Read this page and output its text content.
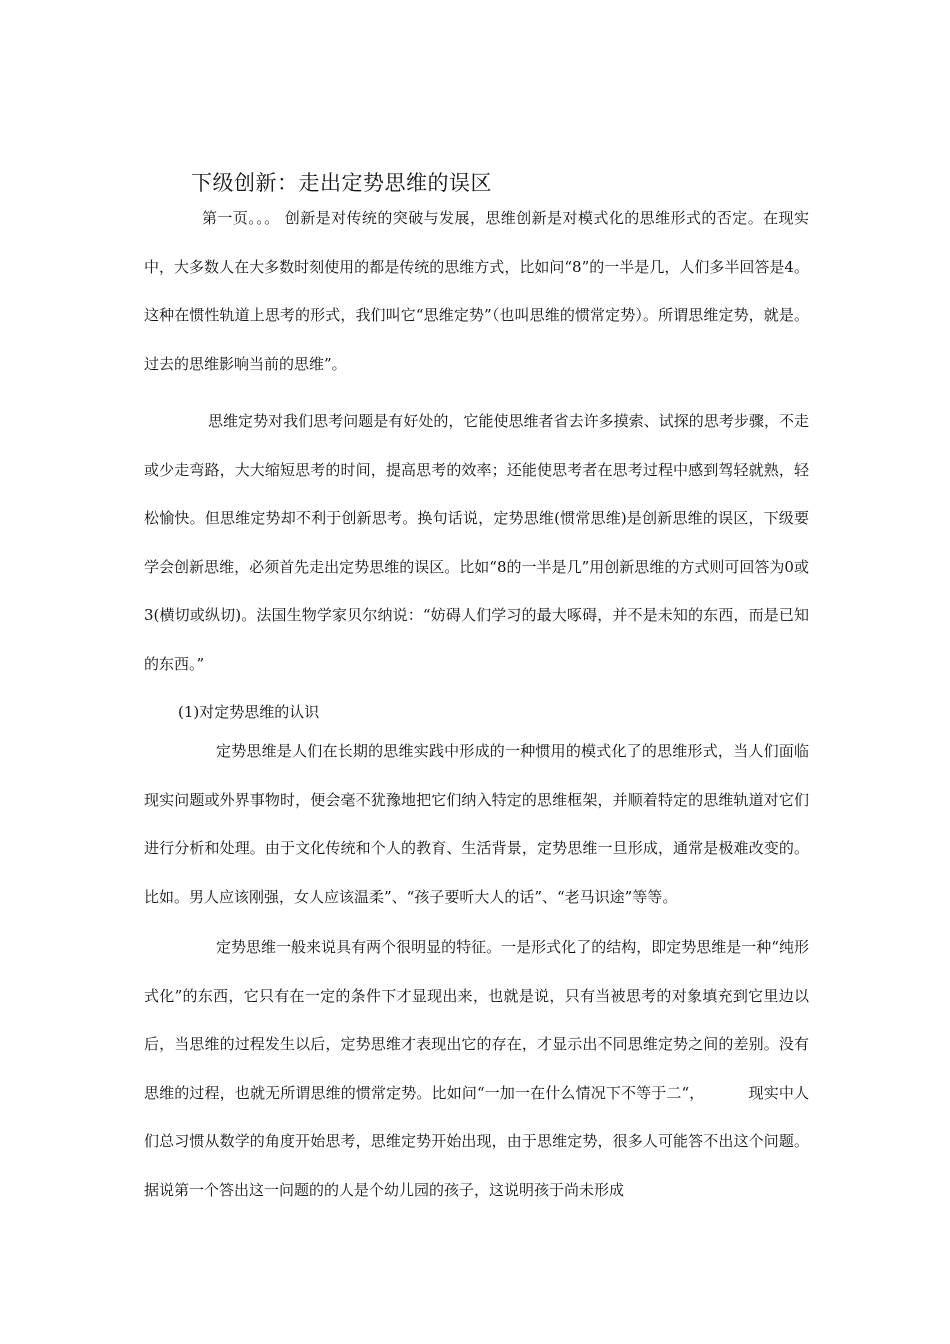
下级创新：走出定势思维的误区

第一页。。。 创新是对传统的突破与发展，思维创新是对模式化的思维形式的否定。在现实中，大多数人在大多数时刻使用的都是传统的思维方式，比如问“8”的一半是几，人们多半回答是4。这种在惯性轨道上思考的形式，我们叫它“思维定势”（也叫思维的惯常定势）。所谓思维定势，就是。过去的思维影响当前的思维”。

思维定势对我们思考问题是有好处的，它能使思维者省去许多摸索、试探的思考步骤，不走或少走弯路，大大缩短思考的时间，提高思考的效率；还能使思考者在思考过程中感到驾轻就熟，轻松愉快。但思维定势却不利于创新思考。换句话说，定势思维(惯常思维)是创新思维的误区，下级要学会创新思维，必须首先走出定势思维的误区。比如“8的一半是几”用创新思维的方式则可回答为0或3(横切或纵切)。法国生物学家贝尔纳说：“妨碍人们学习的最大啄碍，并不是未知的东西，而是已知的东西。”

(1)对定势思维的认识

定势思维是人们在长期的思维实践中形成的一种惯用的模式化了的思维形式，当人们面临现实问题或外界事物时，便会毫不犹豫地把它们纳入特定的思维框架，并顺着特定的思维轨道对它们进行分析和处理。由于文化传统和个人的教育、生活背景，定势思维一旦形成，通常是极难改变的。比如。男人应该刚强，女人应该温柔”、“孩子要听大人的话”、“老马识途”等等。

定势思维一般来说具有两个很明显的特征。一是形式化了的结构，即定势思维是一种“纯形式化”的东西，它只有在一定的条件下才显现出来，也就是说，只有当被思考的对象填充到它里边以后，当思维的过程发生以后，定势思维才表现出它的存在，才显示出不同思维定势之间的差别。没有思维的过程，也就无所谓思维的惯常定势。比如问“一加一在什么情况下不等于二“，	现实中人们总习惯从数学的角度开始思考，思维定势开始出现，由于思维定势，很多人可能答不出这个问题。据说第一个答出这一问题的的人是个幼儿园的孩子，这说明孩于尚未形成
